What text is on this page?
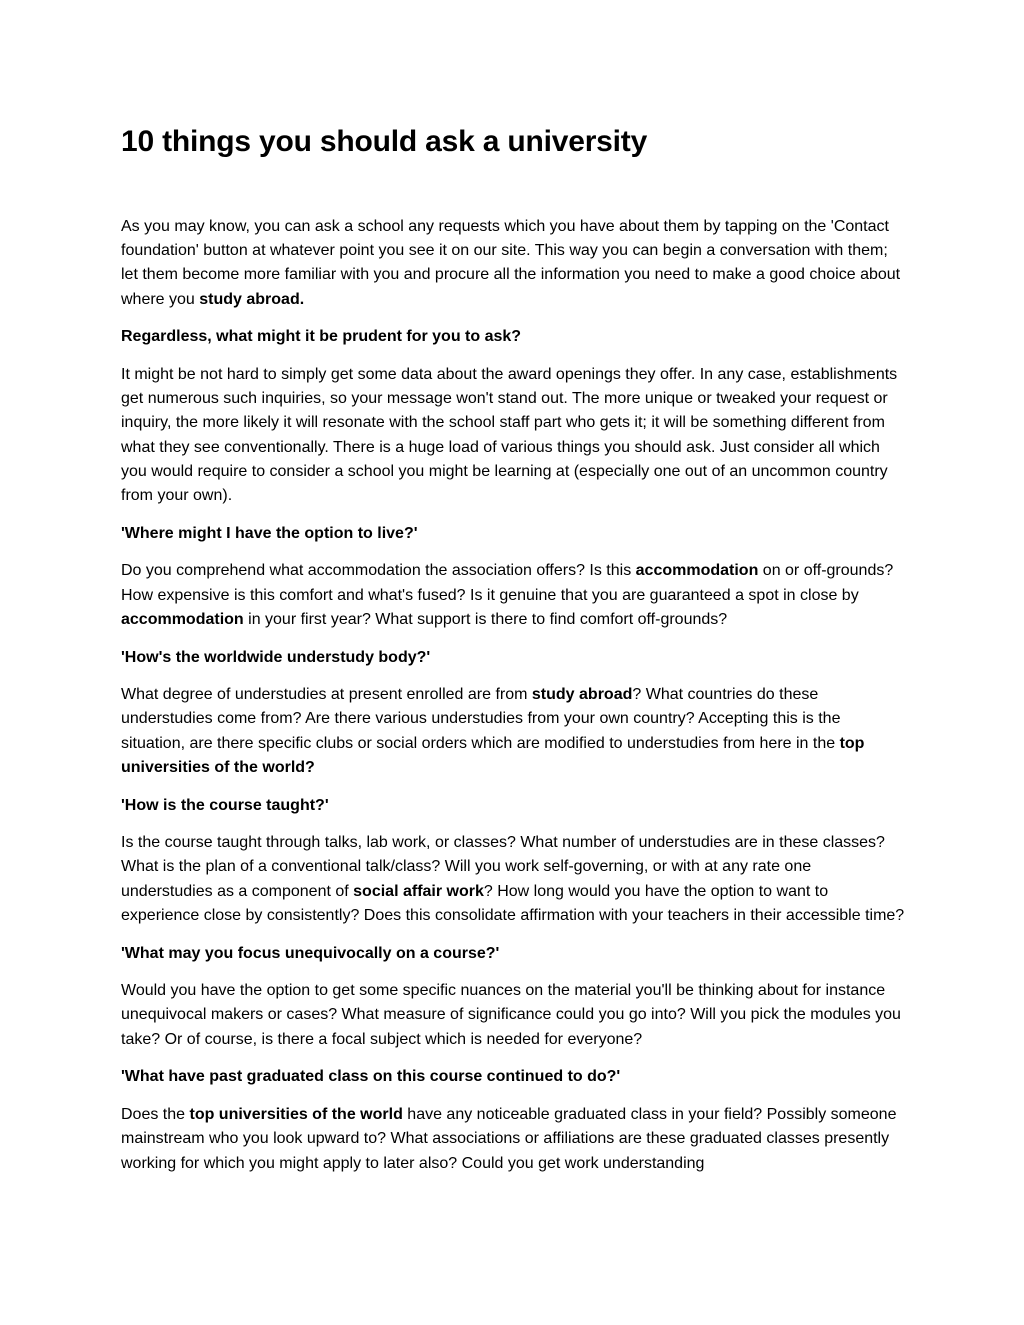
10 things you should ask a university

As you may know, you can ask a school any requests which you have about them by tapping on the 'Contact foundation' button at whatever point you see it on our site. This way you can begin a conversation with them; let them become more familiar with you and procure all the information you need to make a good choice about where you study abroad.

Regardless, what might it be prudent for you to ask?

It might be not hard to simply get some data about the award openings they offer. In any case, establishments get numerous such inquiries, so your message won't stand out. The more unique or tweaked your request or inquiry, the more likely it will resonate with the school staff part who gets it; it will be something different from what they see conventionally. There is a huge load of various things you should ask. Just consider all which you would require to consider a school you might be learning at (especially one out of an uncommon country from your own).

'Where might I have the option to live?'

Do you comprehend what accommodation the association offers? Is this accommodation on or off-grounds? How expensive is this comfort and what's fused? Is it genuine that you are guaranteed a spot in close by accommodation in your first year? What support is there to find comfort off-grounds?

'How's the worldwide understudy body?'

What degree of understudies at present enrolled are from study abroad? What countries do these understudies come from? Are there various understudies from your own country? Accepting this is the situation, are there specific clubs or social orders which are modified to understudies from here in the top universities of the world?

'How is the course taught?'

Is the course taught through talks, lab work, or classes? What number of understudies are in these classes? What is the plan of a conventional talk/class? Will you work self-governing, or with at any rate one understudies as a component of social affair work? How long would you have the option to want to experience close by consistently? Does this consolidate affirmation with your teachers in their accessible time?

'What may you focus unequivocally on a course?'

Would you have the option to get some specific nuances on the material you'll be thinking about for instance unequivocal makers or cases? What measure of significance could you go into? Will you pick the modules you take? Or of course, is there a focal subject which is needed for everyone?

'What have past graduated class on this course continued to do?'

Does the top universities of the world have any noticeable graduated class in your field? Possibly someone mainstream who you look upward to? What associations or affiliations are these graduated classes presently working for which you might apply to later also? Could you get work understanding
